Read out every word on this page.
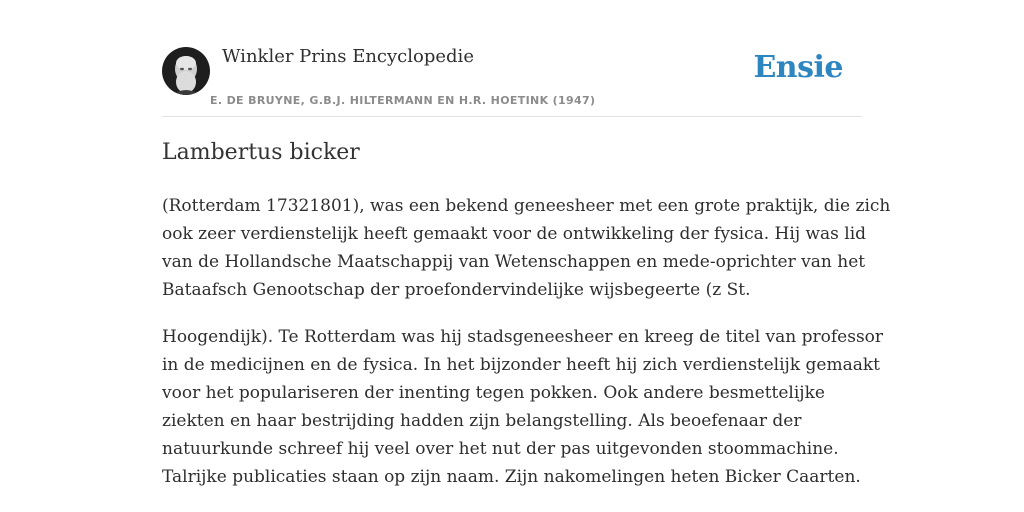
Winkler Prins Encyclopedie
E. DE BRUYNE, G.B.J. HILTERMANN EN H.R. HOETINK (1947)
Ensie
Lambertus bicker

(Rotterdam 17321801), was een bekend geneesheer met een grote praktijk, die zich
ook zeer verdienstelijk heeft gemaakt voor de ontwikkeling der fysica. Hij was lid
van de Hollandsche Maatschappij van Wetenschappen en mede-oprichter van het
Bataafsch Genootschap der proefondervindelijke wijsbegeerte (z St.

Hoogendijk). Te Rotterdam was hij stadsgeneesheer en kreeg de titel van professor
in de medicijnen en de fysica. In het bijzonder heeft hij zich verdienstelijk gemaakt
voor het populariseren der inenting tegen pokken. Ook andere besmettelijke
ziekten en haar bestrijding hadden zijn belangstelling. Als beoefenaar der
natuurkunde schreef hij veel over het nut der pas uitgevonden stoommachine.
Talrijke publicaties staan op zijn naam. Zijn nakomelingen heten Bicker Caarten.
